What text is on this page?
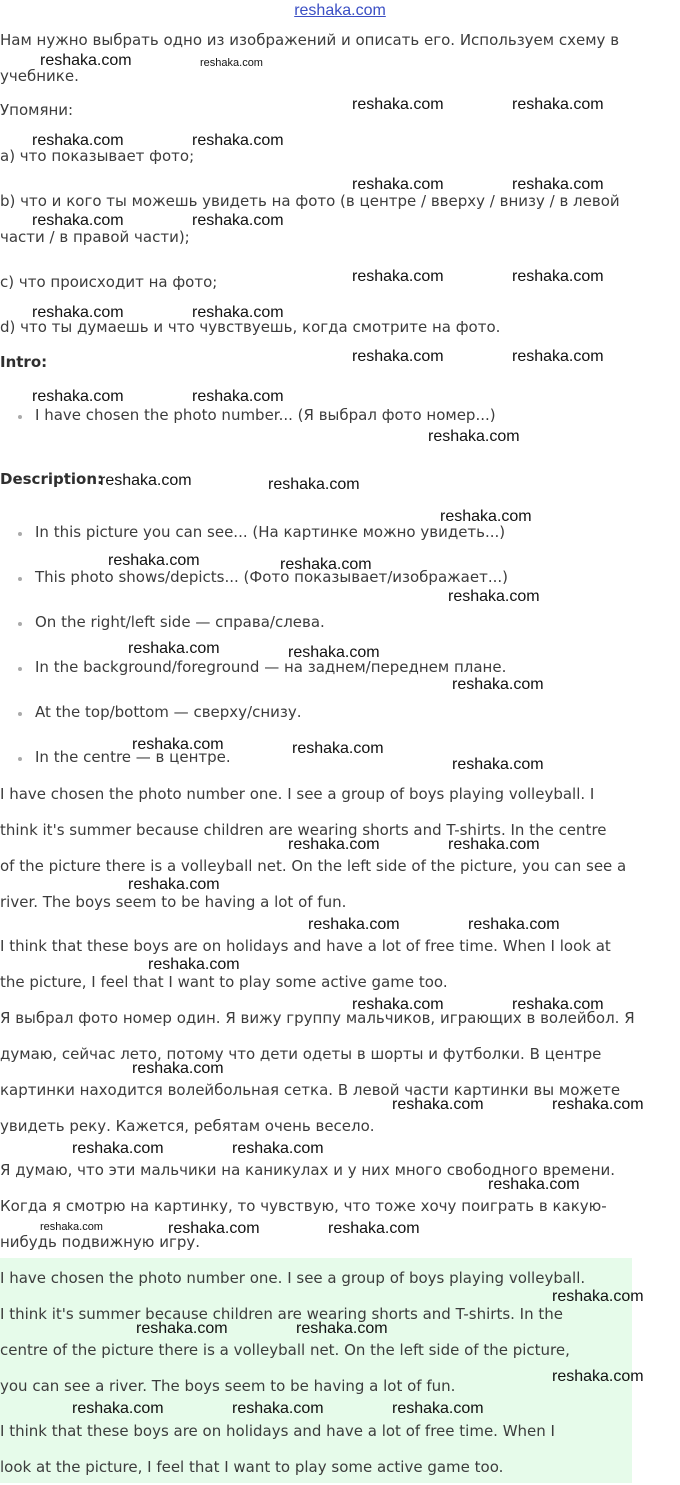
reshaka.com

Нам нужно выбрать одно из изображений и описать его. Используем схему в

учебнике.

Упомяни:

a) что показывает фото;

b) что и кого ты можешь увидеть на фото (в центре / вверху / внизу / в левой

части / в правой части);

c) что происходит на фото;

d) что ты думаешь и что чувствуешь, когда смотрите на фото.

Intro:

I have chosen the photo number... (Я выбрал фото номер...)

Description:

In this picture you can see... (На картинке можно увидеть...)
This photo shows/depicts... (Фото показывает/изображает...)
On the right/left side — справа/слева.
In the background/foreground — на заднем/переднем плане.
At the top/bottom — сверху/снизу.
In the centre — в центре.

I have chosen the photo number one. I see a group of boys playing volleyball. I

think it's summer because children are wearing shorts and T-shirts. In the centre

of the picture there is a volleyball net. On the left side of the picture, you can see a

river. The boys seem to be having a lot of fun.

I think that these boys are on holidays and have a lot of free time. When I look at

the picture, I feel that I want to play some active game too.

Я выбрал фото номер один. Я вижу группу мальчиков, играющих в волейбол. Я

думаю, сейчас лето, потому что дети одеты в шорты и футболки. В центре

картинки находится волейбольная сетка. В левой части картинки вы можете

увидеть реку. Кажется, ребятам очень весело.

Я думаю, что эти мальчики на каникулах и у них много свободного времени.

Когда я смотрю на картинку, то чувствую, что тоже хочу поиграть в какую-

нибудь подвижную игру.

I have chosen the photo number one. I see a group of boys playing volleyball.

I think it's summer because children are wearing shorts and T-shirts. In the

centre of the picture there is a volleyball net. On the left side of the picture,

you can see a river. The boys seem to be having a lot of fun.

I think that these boys are on holidays and have a lot of free time. When I

look at the picture, I feel that I want to play some active game too.

reshaka.com	reshaka.com
reshaka.com	reshaka.com
reshaka.com	reshaka.com
reshaka.com	reshaka.com
reshaka.com	reshaka.com
reshaka.com	reshaka.com
reshaka.com	reshaka.com
reshaka.com	reshaka.com
reshaka.com	reshaka.com
reshaka.com
reshaka.com	reshaka.com
reshaka.com
reshaka.com	reshaka.com
reshaka.com
reshaka.com	reshaka.com
reshaka.com
reshaka.com	reshaka.com
reshaka.com
reshaka.com	reshaka.com
reshaka.com
reshaka.com	reshaka.com
reshaka.com
reshaka.com	reshaka.com
reshaka.com
reshaka.com	reshaka.com
reshaka.com	reshaka.com
reshaka.com
reshaka.com	reshaka.com	reshaka.com
reshaka.com
reshaka.com	reshaka.com
reshaka.com
reshaka.com	reshaka.com	reshaka.com
